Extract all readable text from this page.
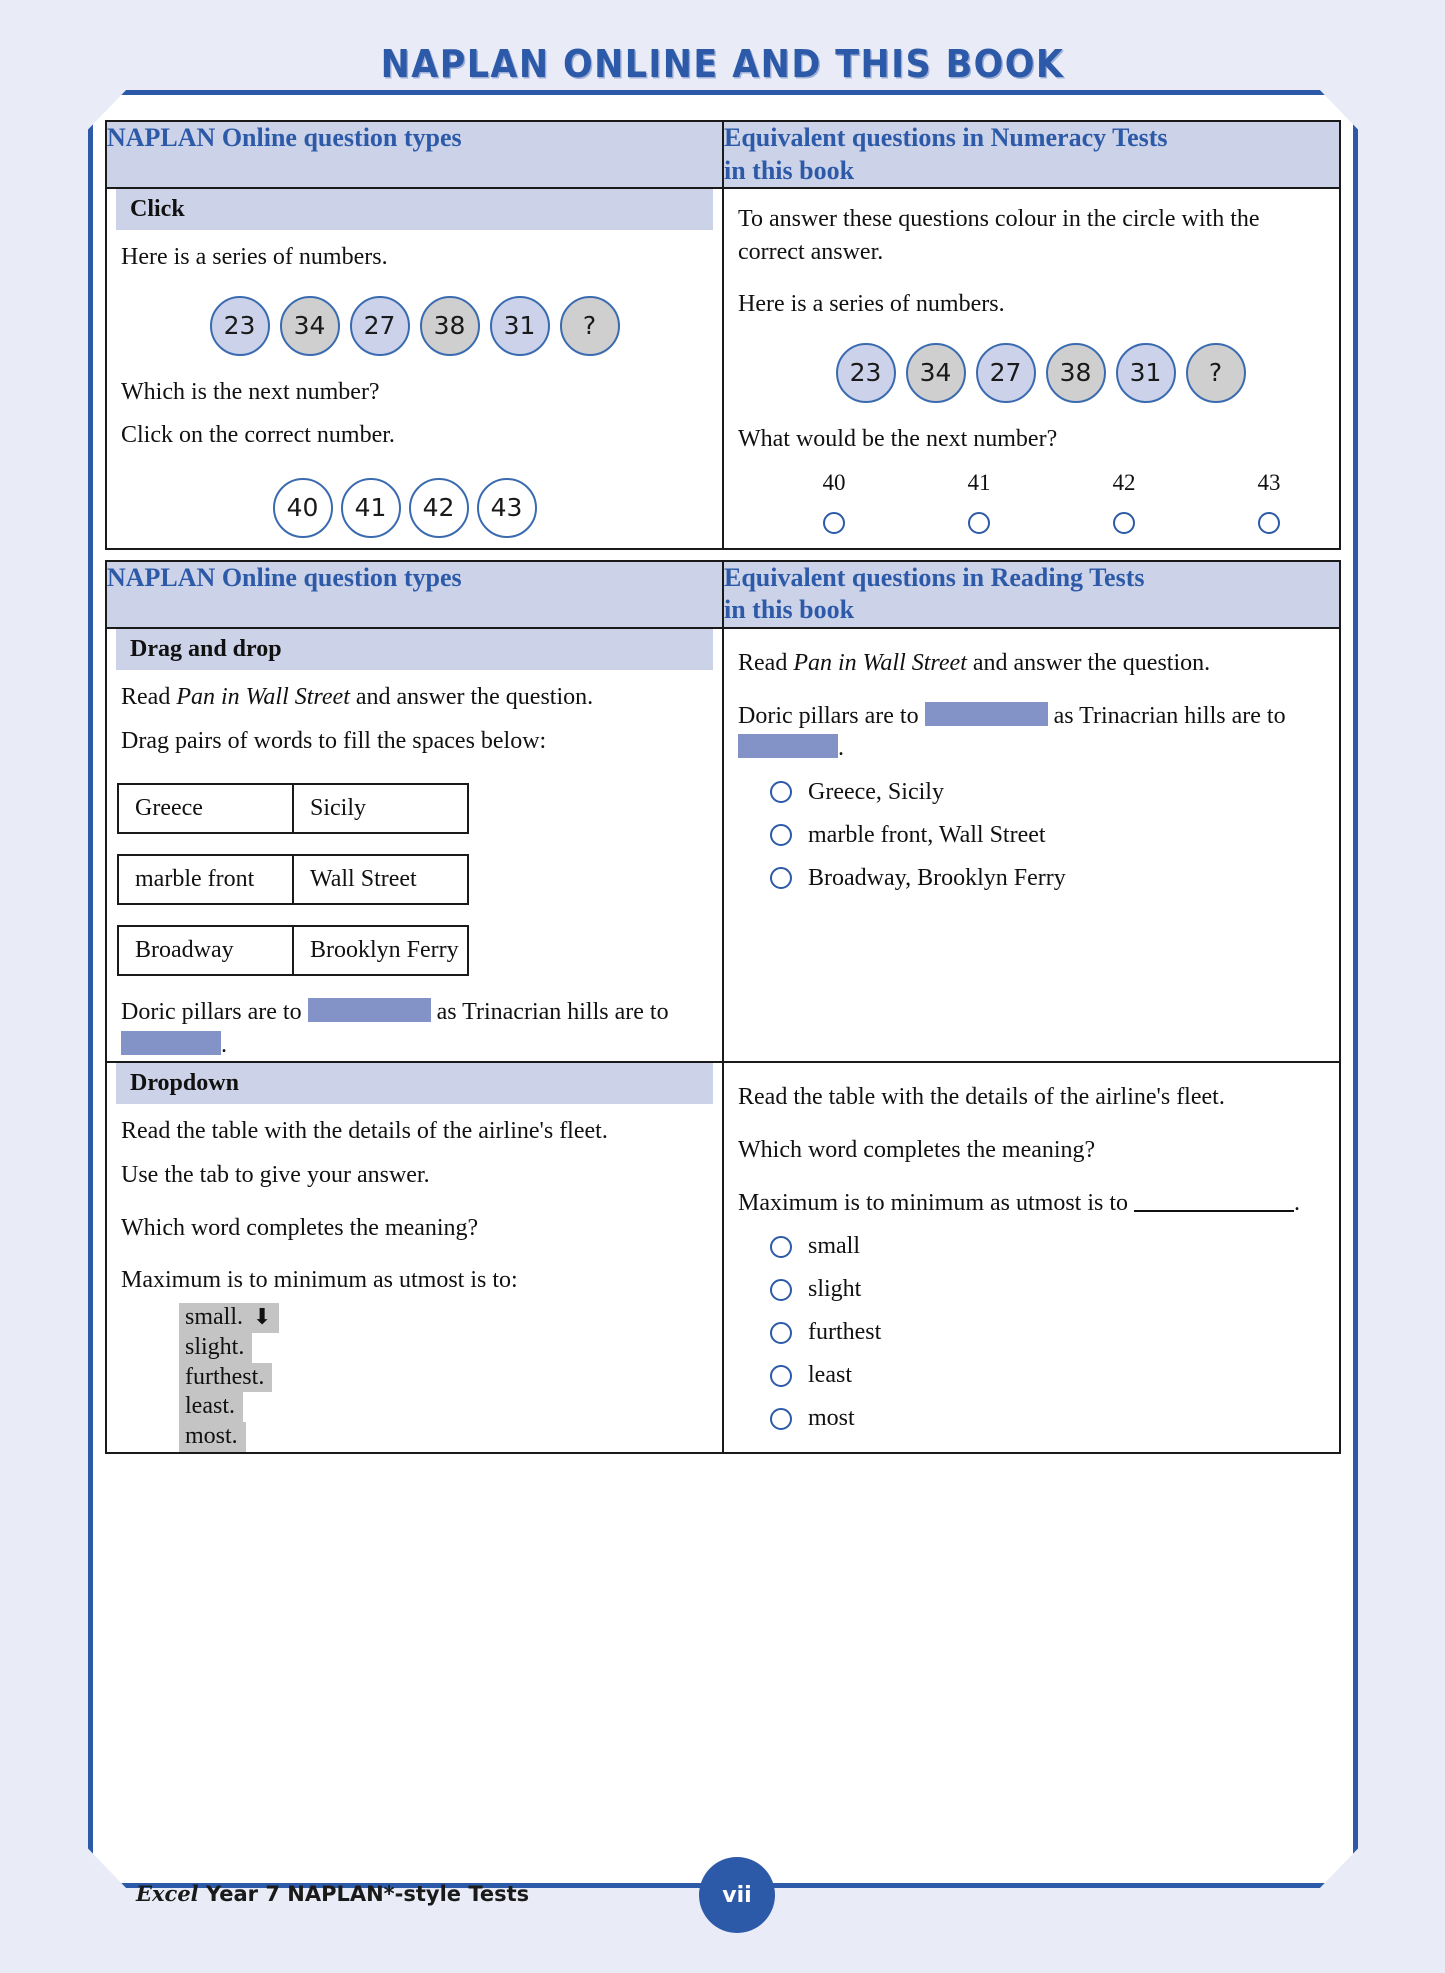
NAPLAN ONLINE AND THIS BOOK
NAPLAN Online question types	Equivalent questions in Numeracy Tests
in this book

Click

Here is a series of numbers.

23	34	27	38	31	?

Which is the next number?

Click on the correct number.

40	41	42	43

To answer these questions colour in the circle with the correct answer.

Here is a series of numbers.

23	34	27	38	31	?

What would be the next number?

40	41	42	43
NAPLAN Online question types	Equivalent questions in Reading Tests
in this book

Drag and drop

Read Pan in Wall Street and answer the question.

Drag pairs of words to fill the spaces below:

Greece	Sicily
marble front	Wall Street
Broadway	Brooklyn Ferry

Doric pillars are to	as Trinacrian hills are to .

Read Pan in Wall Street and answer the question.

Doric pillars are to	as Trinacrian hills are to .

Greece, Sicily
marble front, Wall Street
Broadway, Brooklyn Ferry

Dropdown

Read the table with the details of the airline's fleet.

Use the tab to give your answer.

Which word completes the meaning?

Maximum is to minimum as utmost is to:

small. ⬇
slight.
furthest.
least.
most.

Read the table with the details of the airline's fleet.

Which word completes the meaning?

Maximum is to minimum as utmost is to	.

small
slight
furthest
least
most
Excel Year 7 NAPLAN*-style Tests	vii
